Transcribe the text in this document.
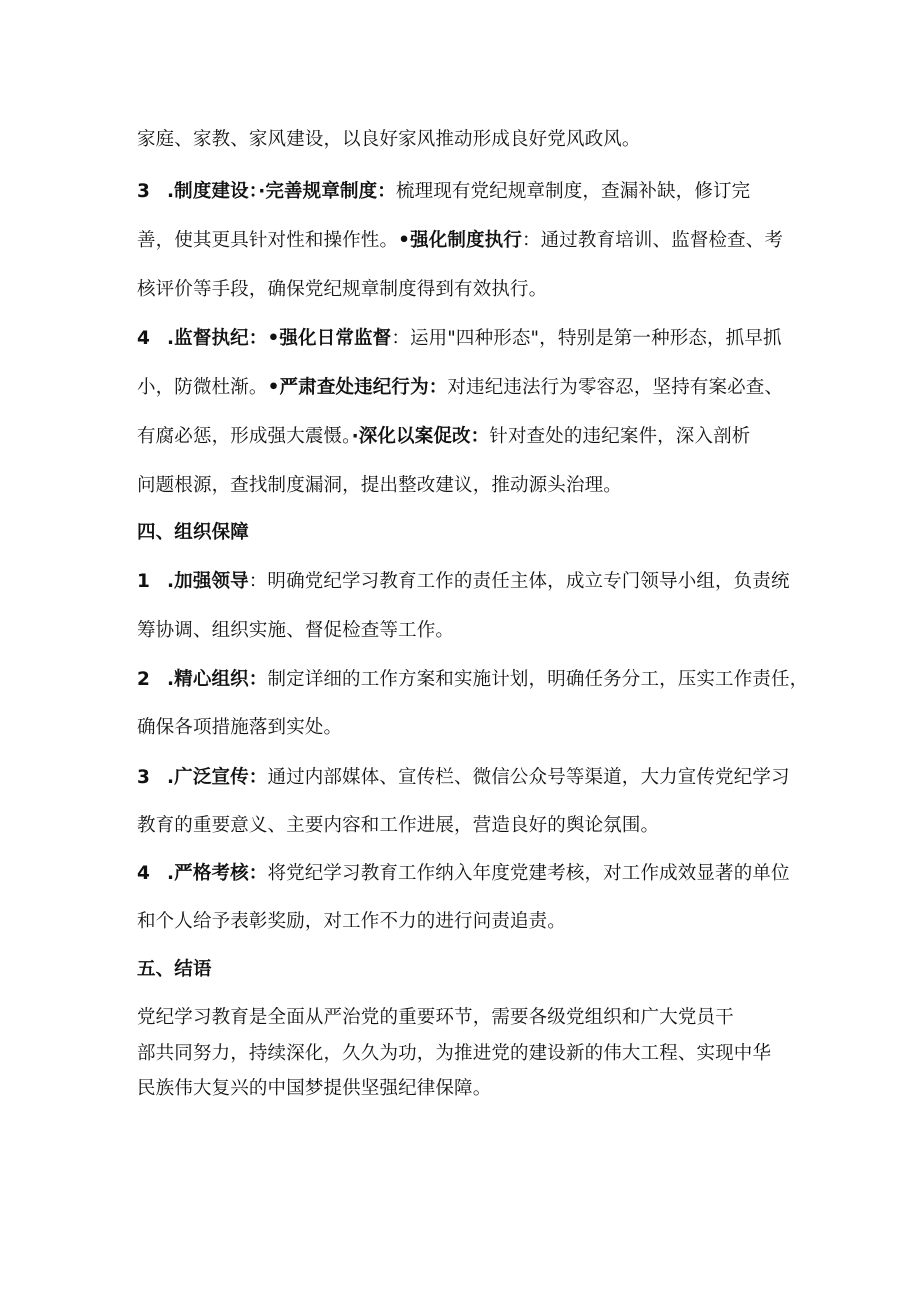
家庭、家教、家风建设，以良好家风推动形成良好党风政风。
3 .制度建设：·完善规章制度：梳理现有党纪规章制度，查漏补缺，修订完
善，使其更具针对性和操作性。•强化制度执行：通过教育培训、监督检查、考
核评价等手段，确保党纪规章制度得到有效执行。
4 .监督执纪：•强化日常监督：运用"四种形态"，特别是第一种形态，抓早抓
小，防微杜渐。•严肃查处违纪行为：对违纪违法行为零容忍，坚持有案必查、
有腐必惩，形成强大震慑。·深化以案促改：针对查处的违纪案件，深入剖析
问题根源，查找制度漏洞，提出整改建议，推动源头治理。
四、组织保障
1 .加强领导：明确党纪学习教育工作的责任主体，成立专门领导小组，负责统
筹协调、组织实施、督促检查等工作。
2 .精心组织：制定详细的工作方案和实施计划，明确任务分工，压实工作责任，
确保各项措施落到实处。
3 .广泛宣传：通过内部媒体、宣传栏、微信公众号等渠道，大力宣传党纪学习
教育的重要意义、主要内容和工作进展，营造良好的舆论氛围。
4 .严格考核：将党纪学习教育工作纳入年度党建考核，对工作成效显著的单位
和个人给予表彰奖励，对工作不力的进行问责追责。
五、结语
党纪学习教育是全面从严治党的重要环节，需要各级党组织和广大党员干
部共同努力，持续深化，久久为功，为推进党的建设新的伟大工程、实现中华
民族伟大复兴的中国梦提供坚强纪律保障。
